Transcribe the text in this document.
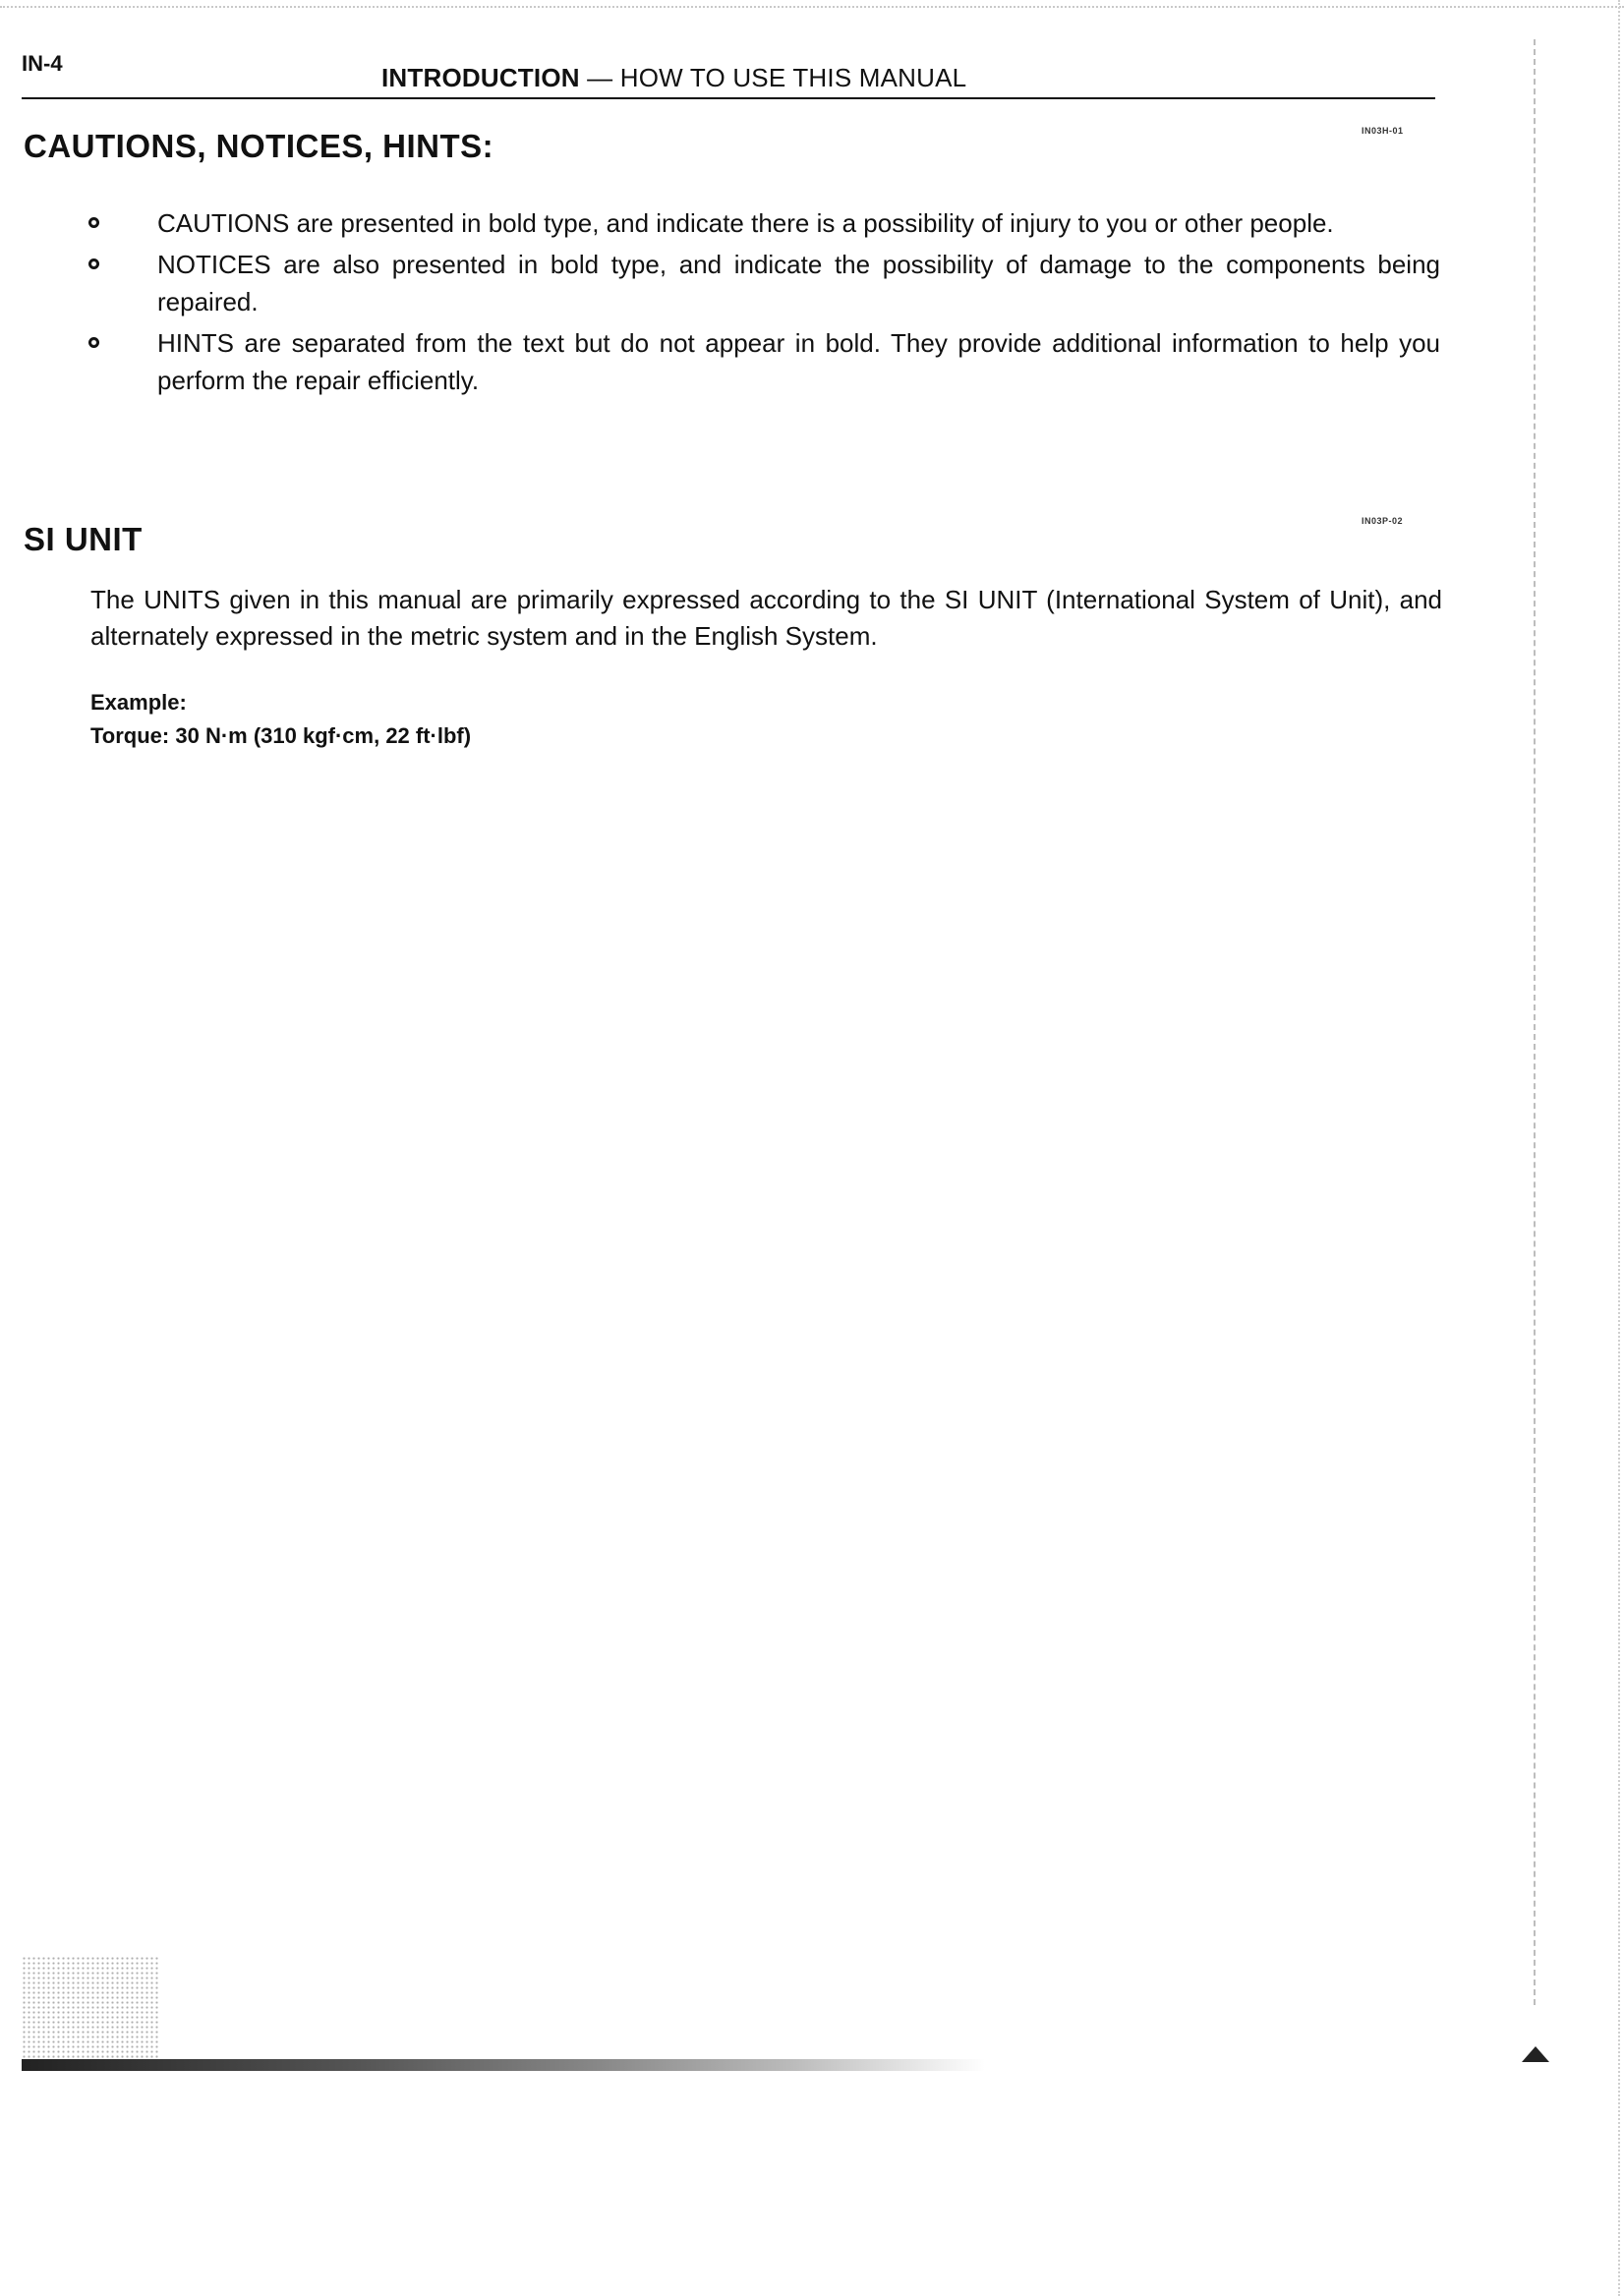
IN-4	INTRODUCTION — HOW TO USE THIS MANUAL
CAUTIONS, NOTICES, HINTS:	IN03H-01
CAUTIONS are presented in bold type, and indicate there is a possibility of injury to you or other people.
NOTICES are also presented in bold type, and indicate the possibility of damage to the components being repaired.
HINTS are separated from the text but do not appear in bold. They provide additional information to help you perform the repair efficiently.
SI UNIT	IN03P-02

The UNITS given in this manual are primarily expressed according to the SI UNIT (International System of Unit), and alternately expressed in the metric system and in the English System.

Example:
Torque: 30 N·m (310 kgf·cm, 22 ft·lbf)
